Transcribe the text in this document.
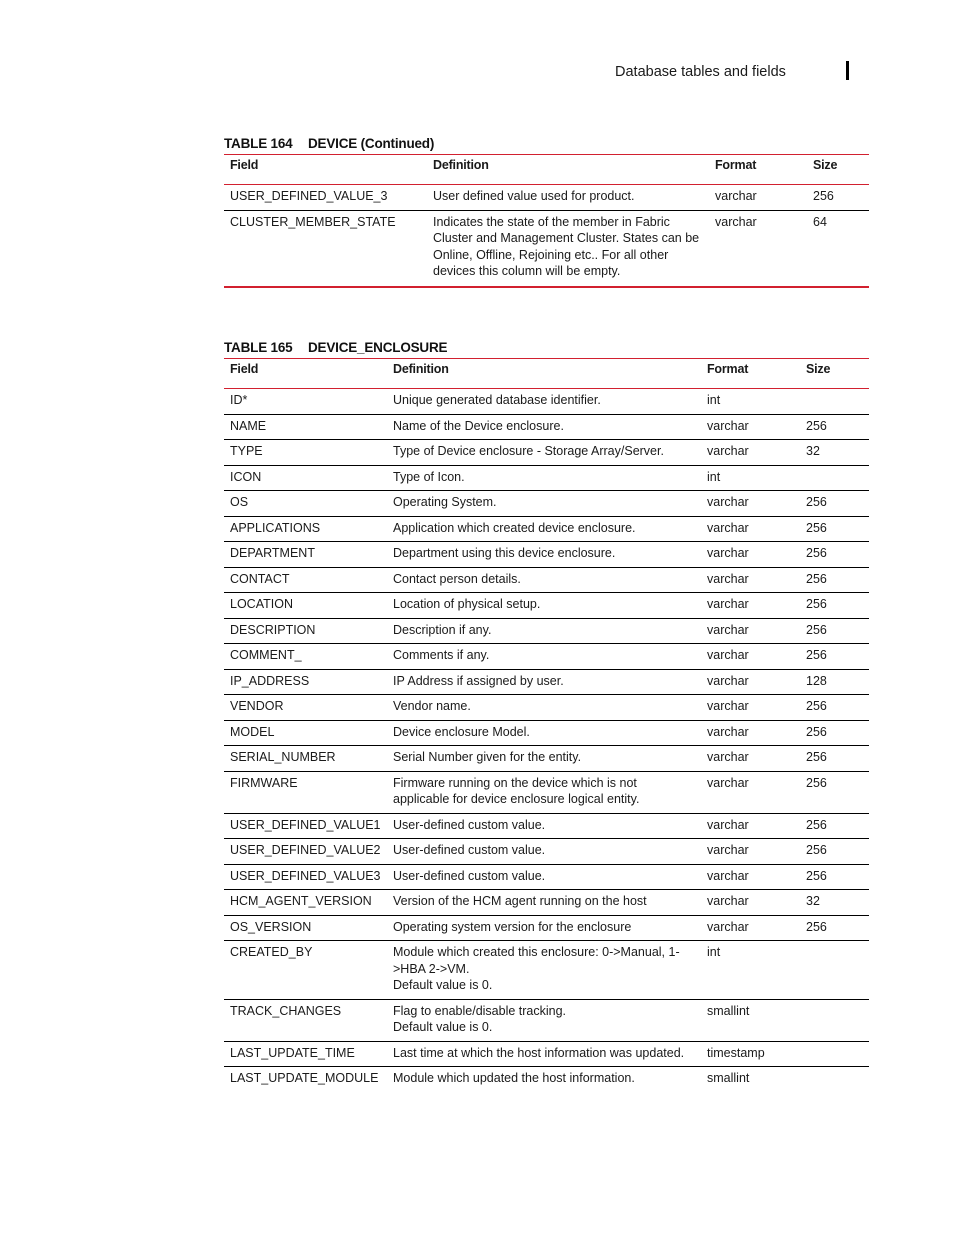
Database tables and fields
TABLE 164 DEVICE (Continued)
Field	Definition	Format	Size

USER_DEFINED_VALUE_3	User defined value used for product.	varchar	256

CLUSTER_MEMBER_STATE	Indicates the state of the member in Fabric Cluster and Management Cluster. States can be Online, Offline, Rejoining etc.. For all other devices this column will be empty.	varchar	64
TABLE 165 DEVICE_ENCLOSURE
Field	Definition	Format	Size

ID*	Unique generated database identifier.	int	

NAME	Name of the Device enclosure.	varchar	256

TYPE	Type of Device enclosure - Storage Array/Server.	varchar	32

ICON	Type of Icon.	int	

OS	Operating System.	varchar	256

APPLICATIONS	Application which created device enclosure.	varchar	256

DEPARTMENT	Department using this device enclosure.	varchar	256

CONTACT	Contact person details.	varchar	256

LOCATION	Location of physical setup.	varchar	256

DESCRIPTION	Description if any.	varchar	256

COMMENT_	Comments if any.	varchar	256

IP_ADDRESS	IP Address if assigned by user.	varchar	128

VENDOR	Vendor name.	varchar	256

MODEL	Device enclosure Model.	varchar	256

SERIAL_NUMBER	Serial Number given for the entity.	varchar	256

FIRMWARE	Firmware running on the device which is not applicable for device enclosure logical entity.	varchar	256

USER_DEFINED_VALUE1	User-defined custom value.	varchar	256

USER_DEFINED_VALUE2	User-defined custom value.	varchar	256

USER_DEFINED_VALUE3	User-defined custom value.	varchar	256

HCM_AGENT_VERSION	Version of the HCM agent running on the host	varchar	32

OS_VERSION	Operating system version for the enclosure	varchar	256

CREATED_BY	Module which created this enclosure: 0->Manual, 1->HBA 2->VM.
Default value is 0.	int	

TRACK_CHANGES	Flag to enable/disable tracking.
Default value is 0.	smallint	

LAST_UPDATE_TIME	Last time at which the host information was updated.	timestamp	

LAST_UPDATE_MODULE	Module which updated the host information.	smallint	
